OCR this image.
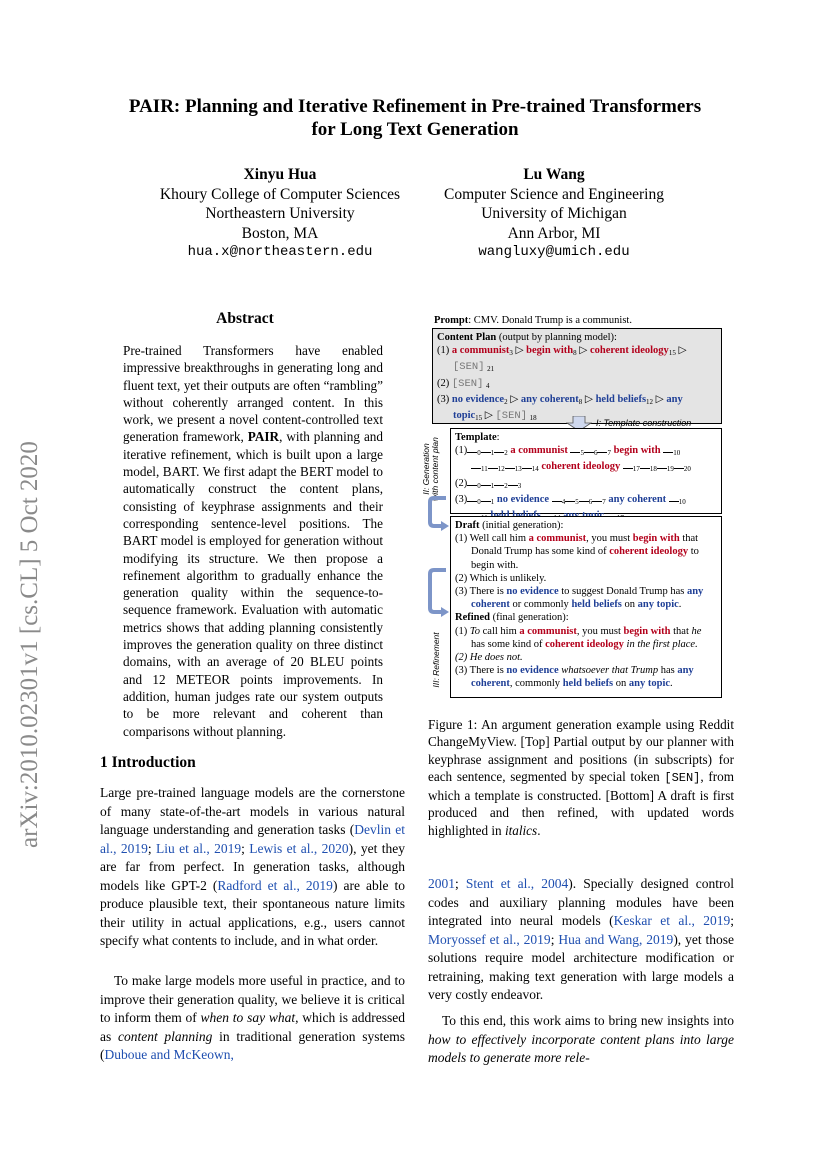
arXiv:2010.02301v1 [cs.CL] 5 Oct 2020
PAIR: Planning and Iterative Refinement in Pre-trained Transformers
for Long Text Generation
Xinyu Hua
Khoury College of Computer Sciences
Northeastern University
Boston, MA
hua.x@northeastern.edu
Lu Wang
Computer Science and Engineering
University of Michigan
Ann Arbor, MI
wangluxy@umich.edu
Abstract
Pre-trained Transformers have enabled impressive breakthroughs in generating long and fluent text, yet their outputs are often “rambling” without coherently arranged content. In this work, we present a novel content-controlled text generation framework, PAIR, with planning and iterative refinement, which is built upon a large model, BART. We first adapt the BERT model to automatically construct the content plans, consisting of keyphrase assignments and their corresponding sentence-level positions. The BART model is employed for generation without modifying its structure. We then propose a refinement algorithm to gradually enhance the generation quality within the sequence-to-sequence framework. Evaluation with automatic metrics shows that adding planning consistently improves the generation quality on three distinct domains, with an average of 20 BLEU points and 12 METEOR points improvements. In addition, human judges rate our system outputs to be more relevant and coherent than comparisons without planning.
1 Introduction
Large pre-trained language models are the cornerstone of many state-of-the-art models in various natural language understanding and generation tasks (Devlin et al., 2019; Liu et al., 2019; Lewis et al., 2020), yet they are far from perfect. In generation tasks, although models like GPT-2 (Radford et al., 2019) are able to produce plausible text, their spontaneous nature limits their utility in actual applications, e.g., users cannot specify what contents to include, and in what order.
To make large models more useful in practice, and to improve their generation quality, we believe it is critical to inform them of when to say what, which is addressed as content planning in traditional generation systems (Duboue and McKeown,
2001; Stent et al., 2004). Specially designed control codes and auxiliary planning modules have been integrated into neural models (Keskar et al., 2019; Moryossef et al., 2019; Hua and Wang, 2019), yet those solutions require model architecture modification or retraining, making text generation with large models a very costly endeavor.
To this end, this work aims to bring new insights into how to effectively incorporate content plans into large models to generate more rele-
Prompt: CMV. Donald Trump is a communist.
Content Plan (output by planning model):
(1) a communist$_3$ ▷ begin with$_8$ ▷ coherent ideology$_{15}$ ▷
[SEN] $_{21}$
(2) [SEN] $_4$
(3) no evidence$_2$ ▷ any coherent$_8$ ▷ held beliefs$_{12}$ ▷ any
topic$_{15}$ ▷ [SEN] $_{18}$	I: Template construction
II: Generation
with content plan Template:
(1) $_0$ $_1$ $_2$ a communist $_5$ $_6$ $_7$ begin with $_{10}$
$_{11}$ $_{12}$ $_{13}$ $_{14}$ coherent ideology $_{17}$ $_{18}$ $_{19}$ $_{20}$
(2) $_0$ $_1$ $_2$ $_3$
(3) $_0$ $_1$ no evidence $_4$ $_5$ $_6$ $_7$ any coherent $_{10}$

III: Refinement
Draft (initial generation):
(1) Well call him a communist, you must begin with that
Donald Trump has some kind of coherent ideology to
begin with.
(2) Which is unlikely.
(3) There is no evidence to suggest Donald Trump has any
coherent or commonly held beliefs on any topic.
Refined (final generation):
(1) To call him a communist, you must begin with that he
has some kind of coherent ideology in the first place.
(2) He does not.
(3) There is no evidence whatsoever that Trump has any
coherent, commonly held beliefs on any topic.
Figure 1: An argument generation example using Reddit ChangeMyView. [Top] Partial output by our planner with keyphrase assignment and positions (in subscripts) for each sentence, segmented by special token [SEN], from which a template is constructed. [Bottom] A draft is first produced and then refined, with updated words highlighted in italics.
